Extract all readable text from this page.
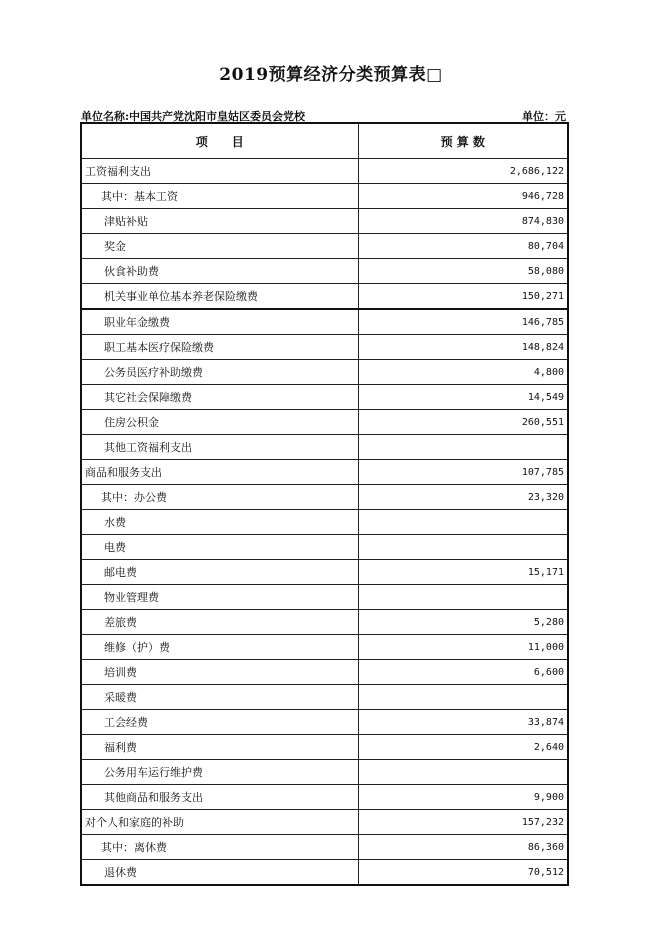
2019预算经济分类预算表□
单位名称:中国共产党沈阳市皇姑区委员会党校	单位：元
项　　目	预 算 数
工资福利支出	2,686,122
其中：基本工资	946,728
津贴补贴	874,830
奖金	80,704
伙食补助费	58,080
机关事业单位基本养老保险缴费	150,271
职业年金缴费	146,785
职工基本医疗保险缴费	148,824
公务员医疗补助缴费	4,800
其它社会保障缴费	14,549
住房公积金	260,551
其他工资福利支出	
商品和服务支出	107,785
其中：办公费	23,320
水费	
电费	
邮电费	15,171
物业管理费	
差旅费	5,280
维修（护）费	11,000
培训费	6,600
采暖费	
工会经费	33,874
福利费	2,640
公务用车运行维护费	
其他商品和服务支出	9,900
对个人和家庭的补助	157,232
其中：离休费	86,360
退休费	70,512
